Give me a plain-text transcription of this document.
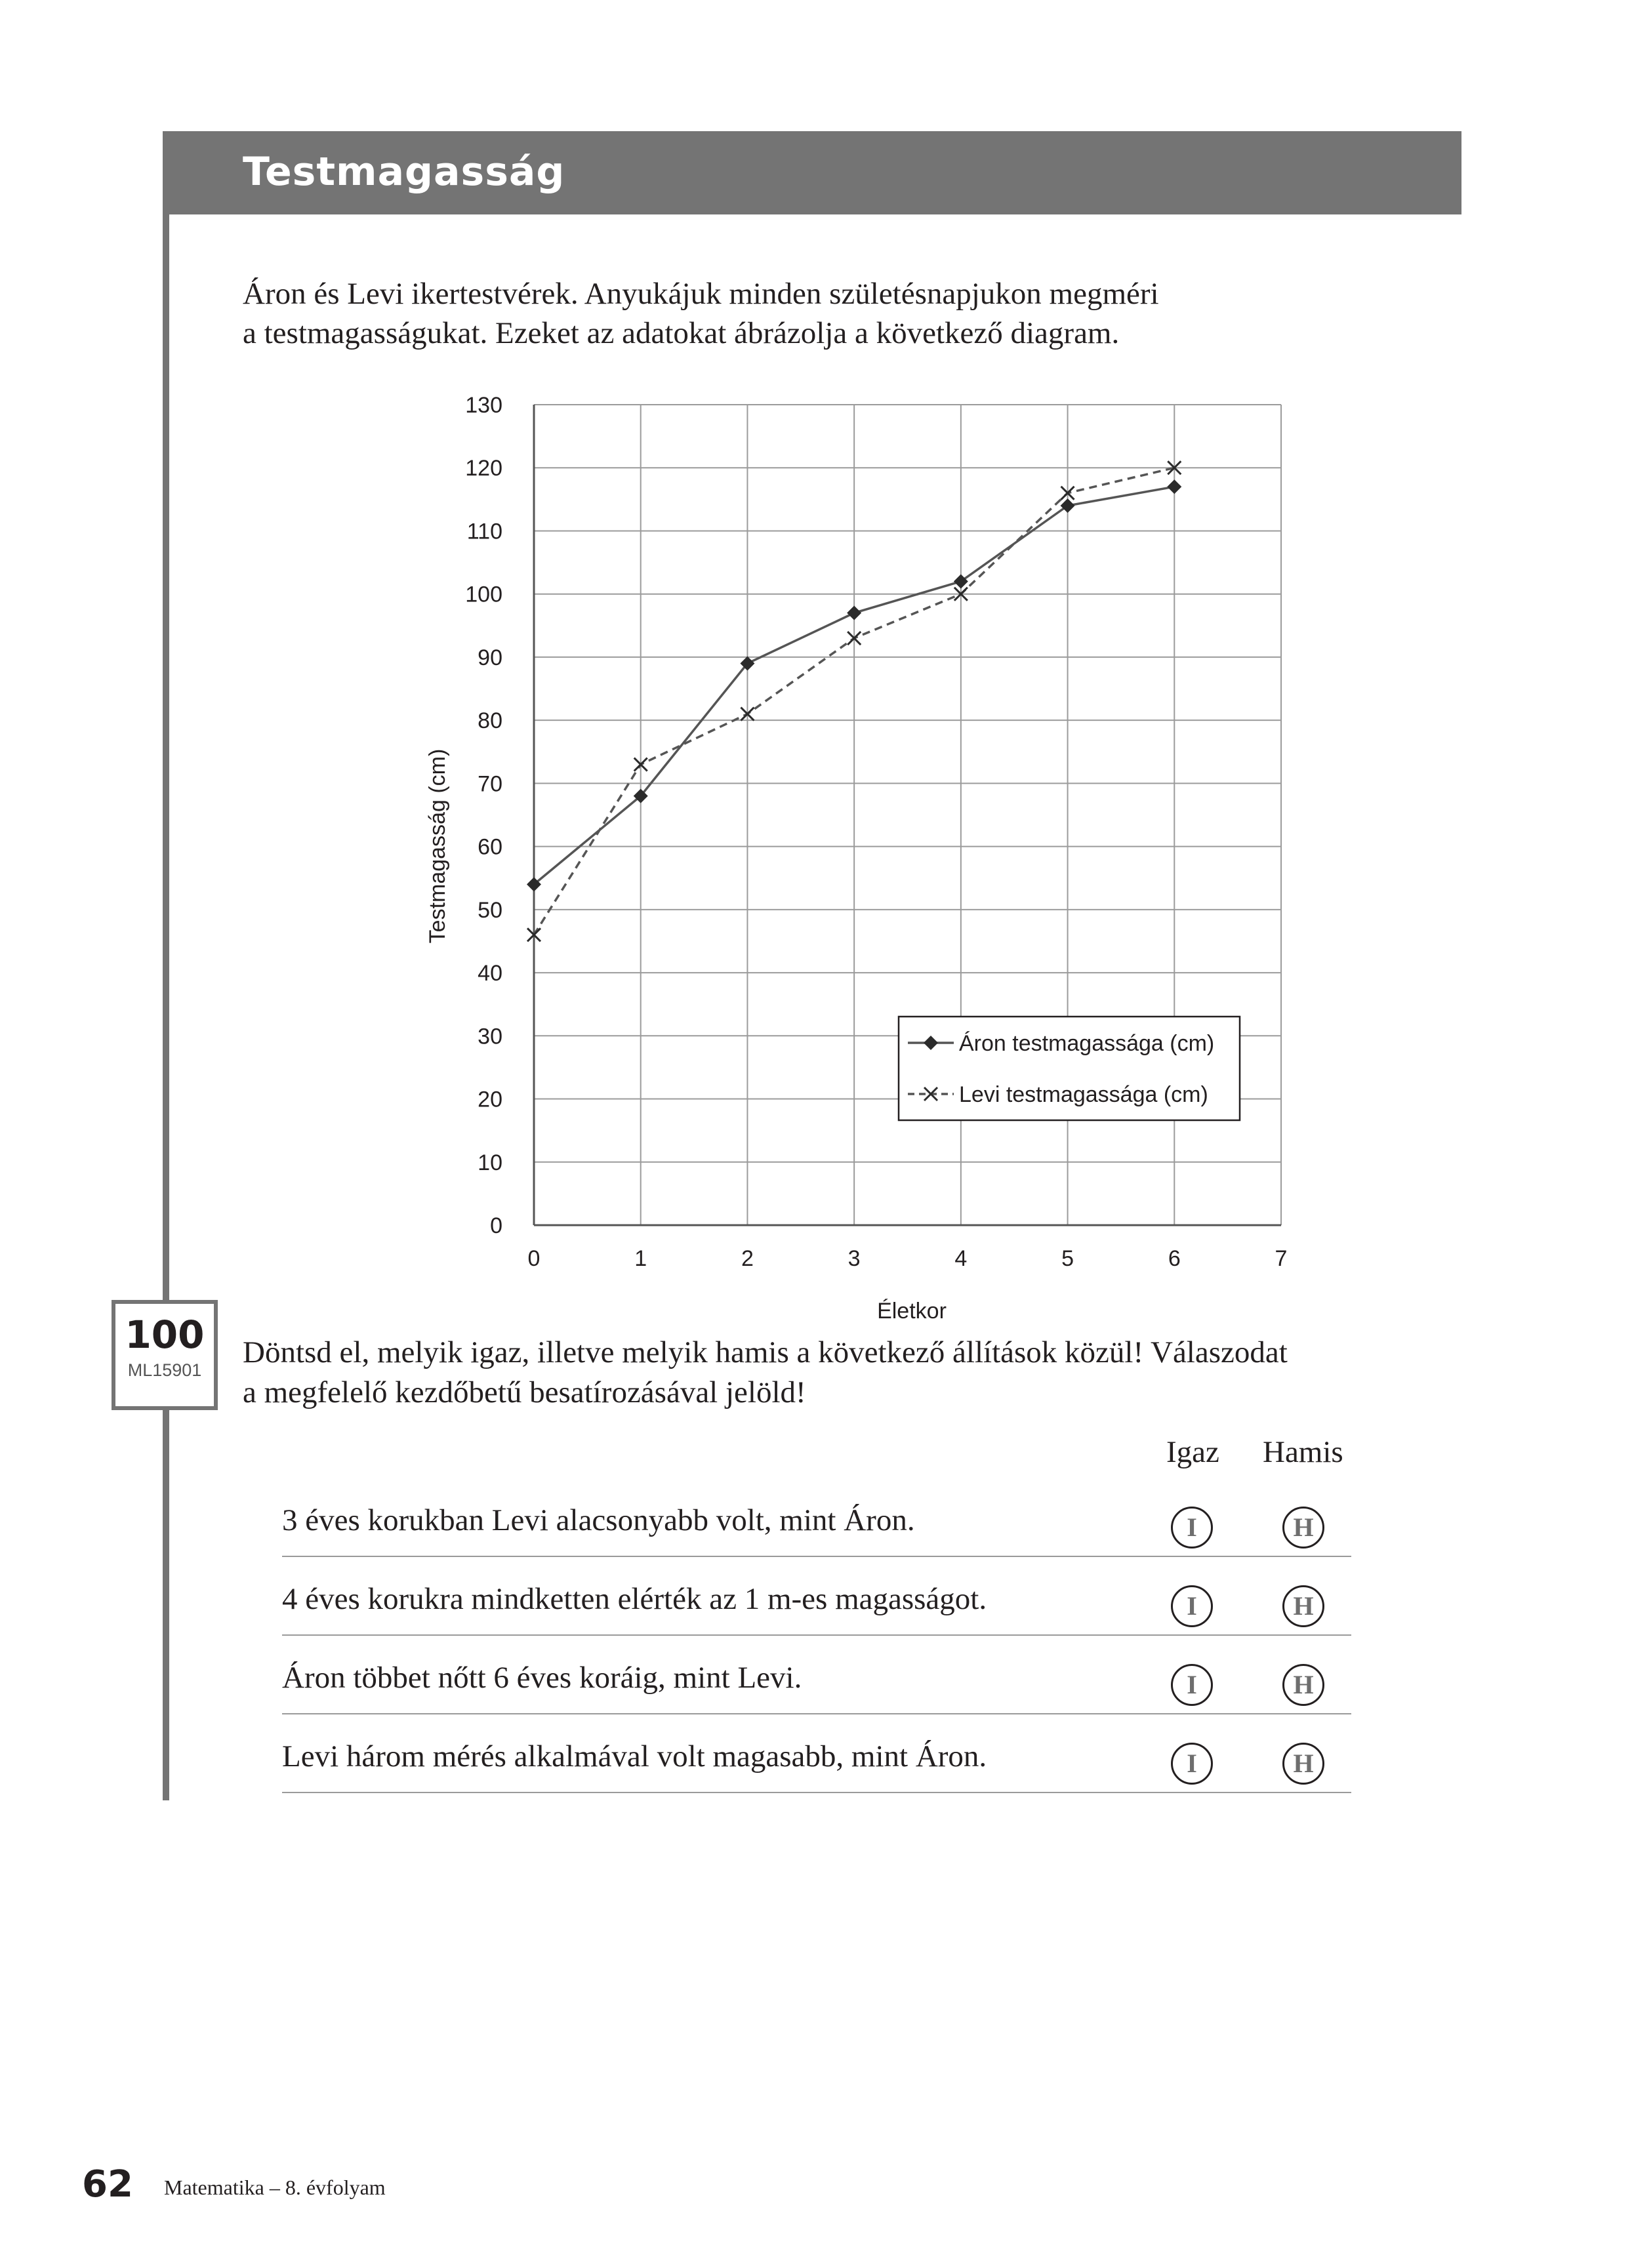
Testmagasság

Áron és Levi ikertestvérek. Anyukájuk minden születésnapjukon megméri

a testmagasságukat. Ezeket az adatokat ábrázolja a következő diagram.

0
10
20
30
40
50
60
70
80
90
100
110
120
130
0	1	2	3	4	5	6	7
Életkor
Testmagasság (cm)
Áron testmagassága (cm)
Levi testmagassága (cm)
100
ML15901

Döntsd el, melyik igaz, illetve melyik hamis a következő állítások közül! Válaszodat

a megfelelő kezdőbetű besatírozásával jelöld!

Igaz Hamis
3 éves korukban Levi alacsonyabb volt, mint Áron.	I	H
4 éves korukra mindketten elérték az 1 m-es magasságot.	I	H
Áron többet nőtt 6 éves koráig, mint Levi.	I	H
Levi három mérés alkalmával volt magasabb, mint Áron.	I	H
62 Matematika – 8. évfolyam
